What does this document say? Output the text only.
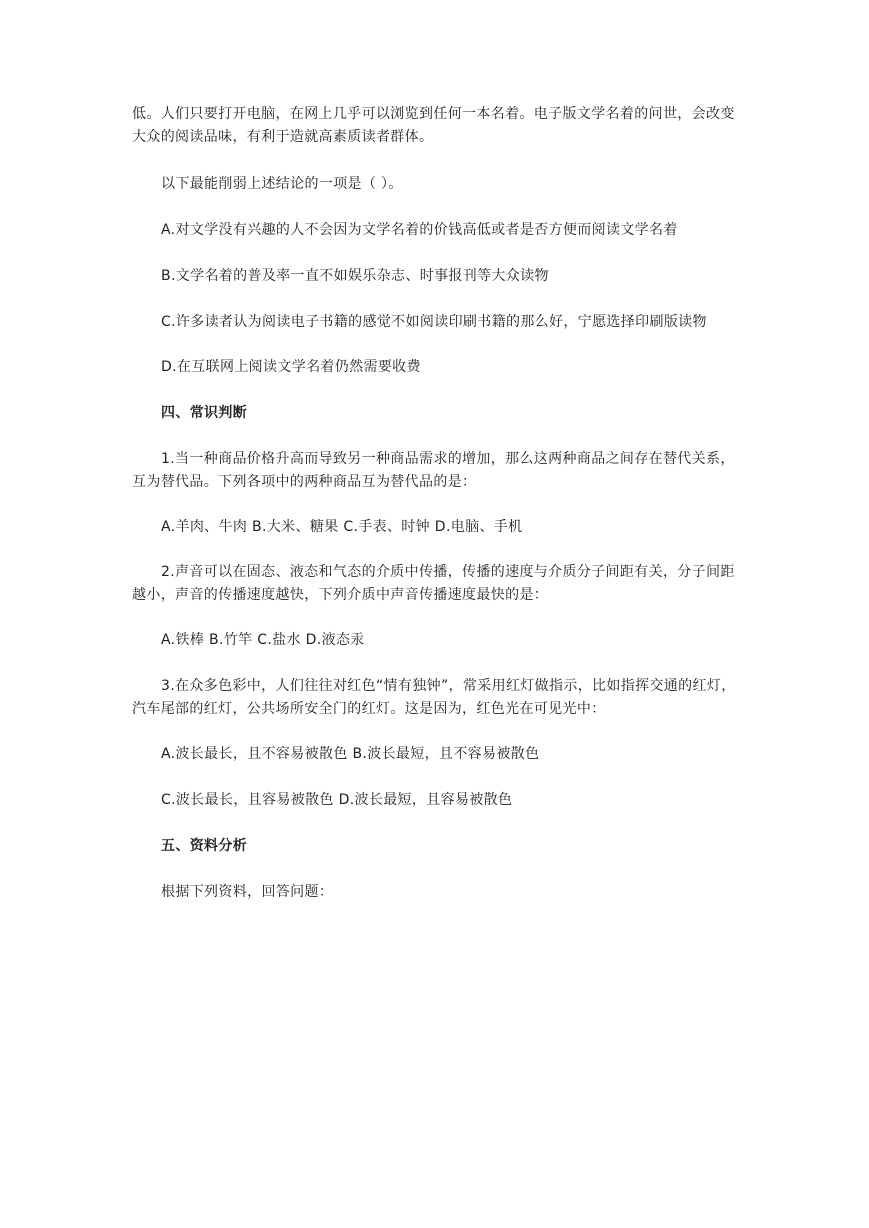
低。人们只要打开电脑，在网上几乎可以浏览到任何一本名着。电子版文学名着的问世，会改变大众的阅读品味，有利于造就高素质读者群体。

以下最能削弱上述结论的一项是（ ）。

A.对文学没有兴趣的人不会因为文学名着的价钱高低或者是否方便而阅读文学名着

B.文学名着的普及率一直不如娱乐杂志、时事报刊等大众读物

C.许多读者认为阅读电子书籍的感觉不如阅读印刷书籍的那么好，宁愿选择印刷版读物

D.在互联网上阅读文学名着仍然需要收费

四、常识判断

1.当一种商品价格升高而导致另一种商品需求的增加，那么这两种商品之间存在替代关系，互为替代品。下列各项中的两种商品互为替代品的是：

A.羊肉、牛肉 B.大米、糖果 C.手表、时钟 D.电脑、手机

2.声音可以在固态、液态和气态的介质中传播，传播的速度与介质分子间距有关，分子间距越小，声音的传播速度越快，下列介质中声音传播速度最快的是：

A.铁棒 B.竹竿 C.盐水 D.液态汞

3.在众多色彩中，人们往往对红色“情有独钟”，常采用红灯做指示，比如指挥交通的红灯，汽车尾部的红灯，公共场所安全门的红灯。这是因为，红色光在可见光中：

A.波长最长，且不容易被散色 B.波长最短，且不容易被散色

C.波长最长，且容易被散色 D.波长最短，且容易被散色

五、资料分析

根据下列资料，回答问题：
